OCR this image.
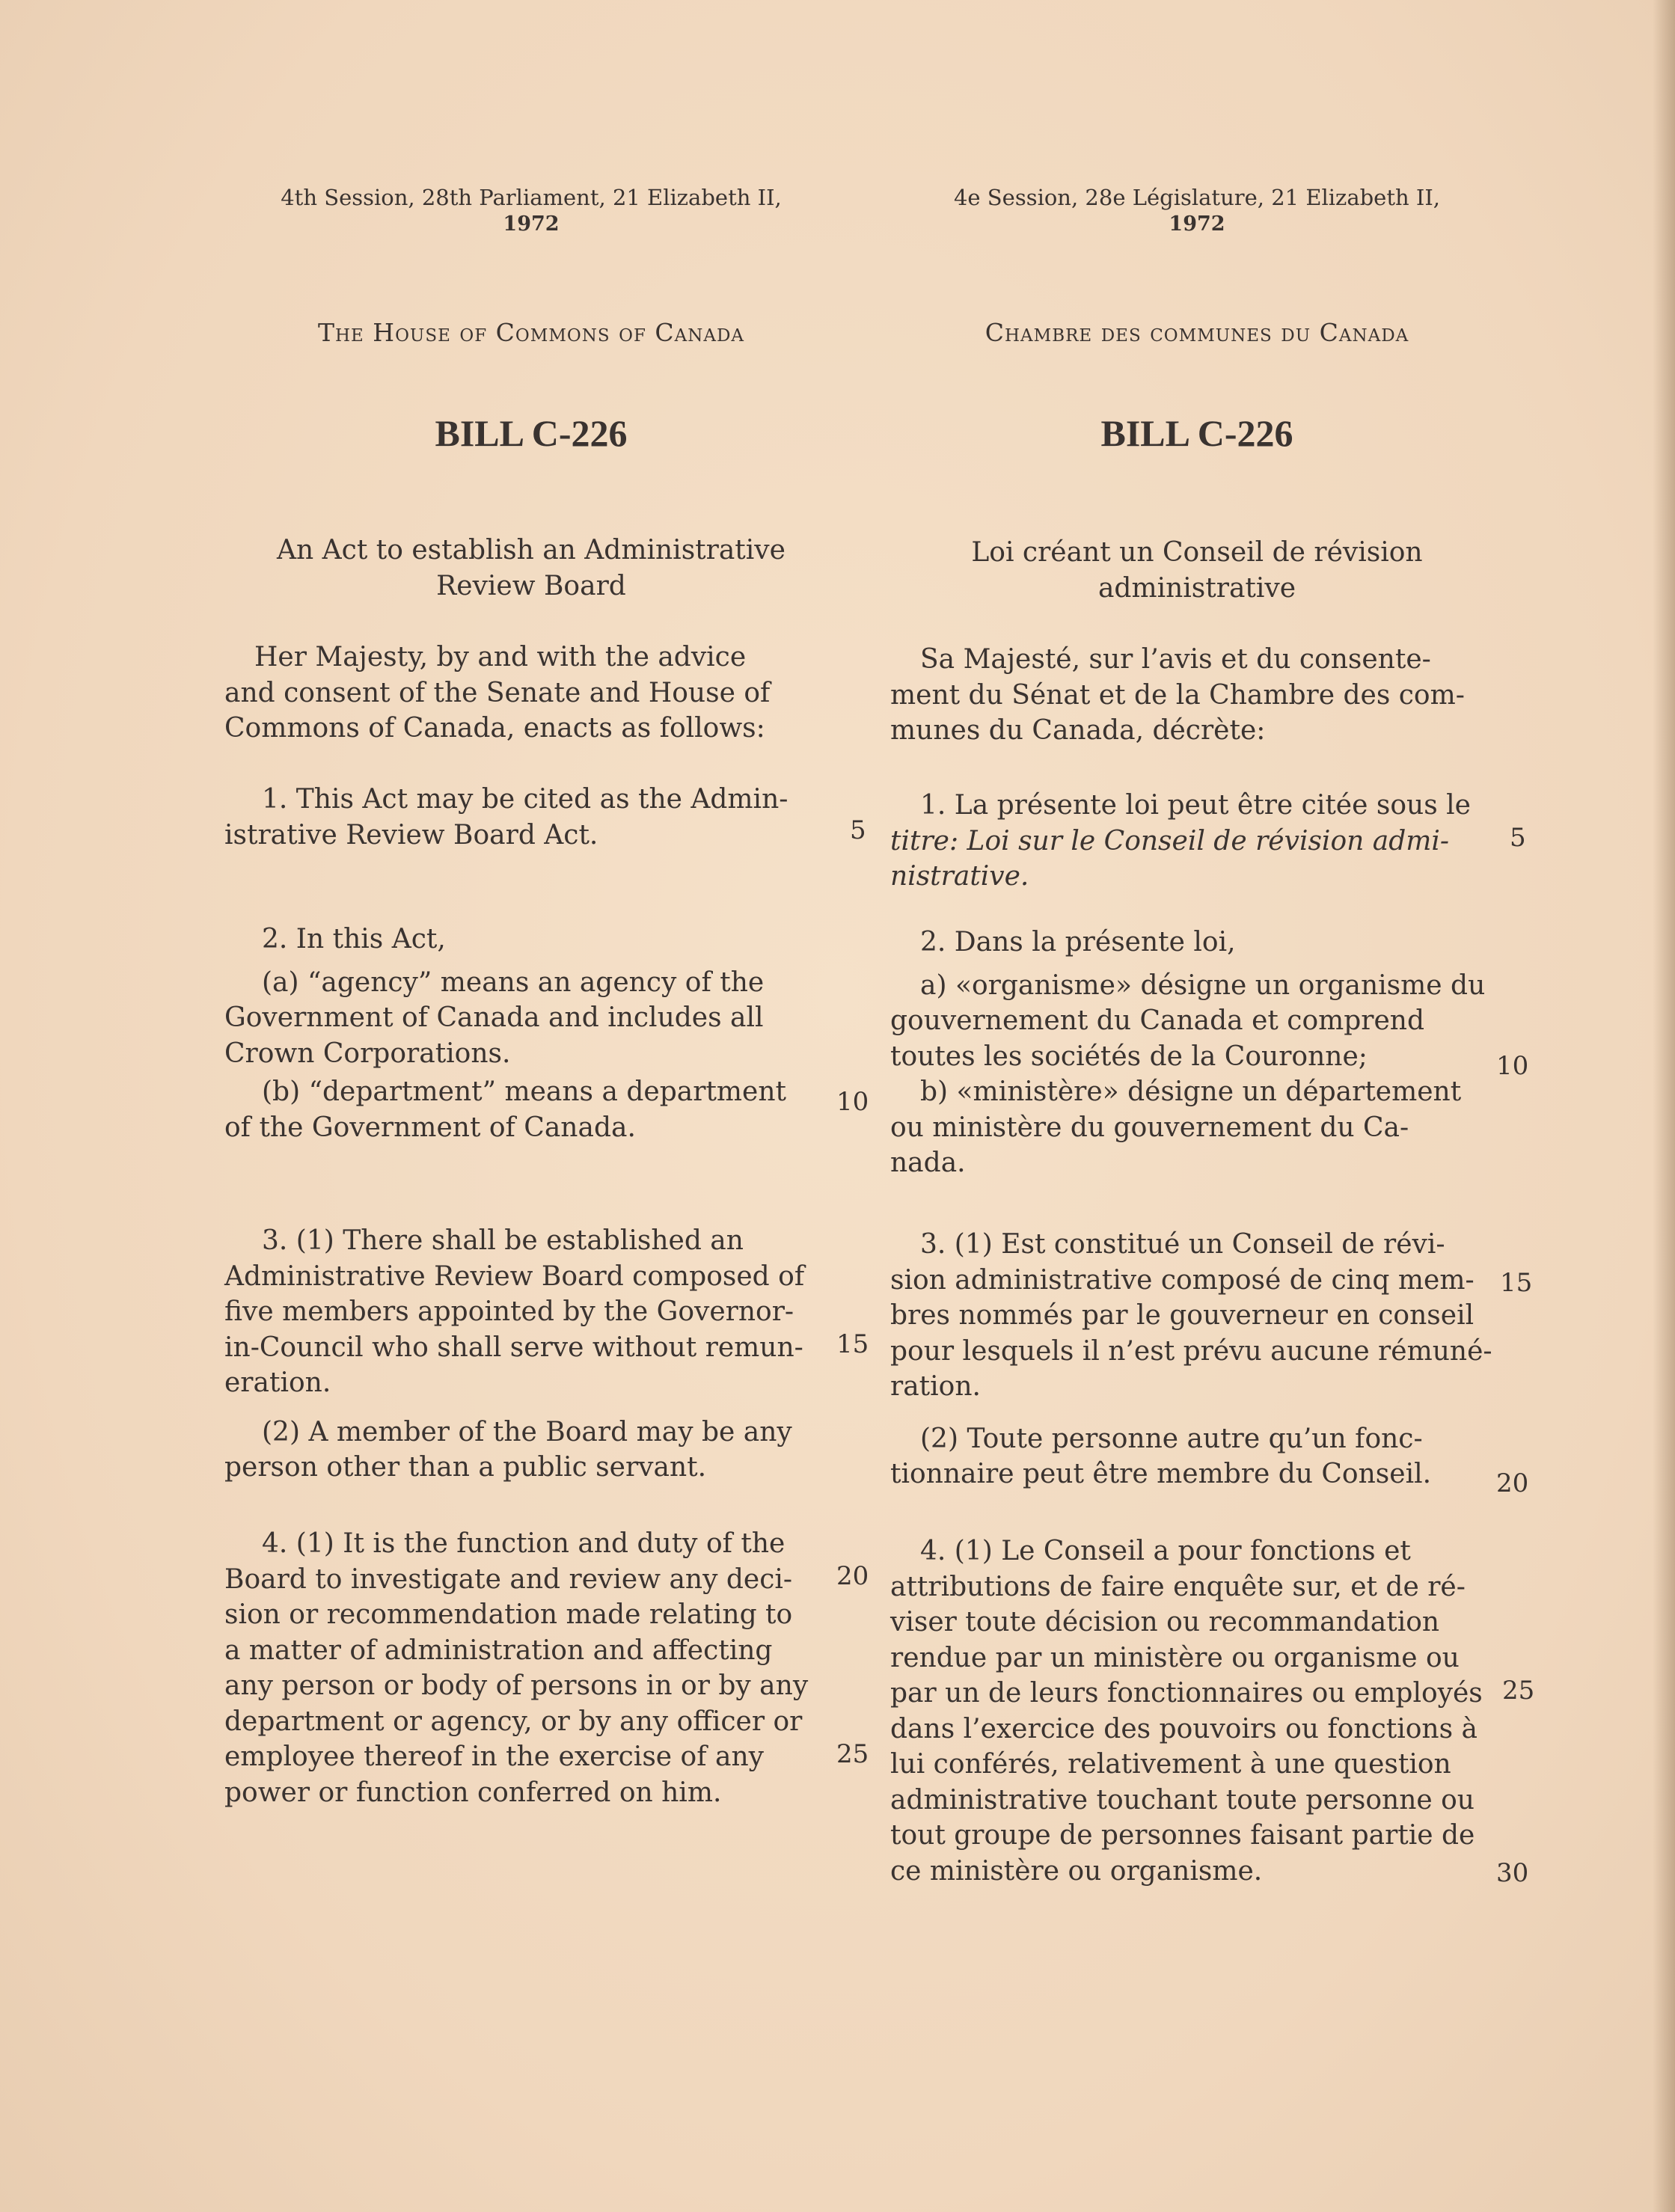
4th Session, 28th Parliament, 21 Elizabeth II,
1972
The House of Commons of Canada
BILL C-226
An Act to establish an Administrative
Review Board

Her Majesty, by and with the advice

and consent of the Senate and House of

Commons of Canada, enacts as follows:

1. This Act may be cited as the Admin-

istrative Review Board Act.

2. In this Act,

(a) “agency” means an agency of the

Government of Canada and includes all

Crown Corporations.

(b) “department” means a department

of the Government of Canada.

3. (1) There shall be established an

Administrative Review Board composed of

five members appointed by the Governor-

in-Council who shall serve without remun-

eration.

(2) A member of the Board may be any

person other than a public servant.

4. (1) It is the function and duty of the

Board to investigate and review any deci-

sion or recommendation made relating to

a matter of administration and affecting

any person or body of persons in or by any

department or agency, or by any officer or

employee thereof in the exercise of any

power or function conferred on him.

5
10
15
20
25
4e Session, 28e Législature, 21 Elizabeth II,
1972
Chambre des communes du Canada
BILL C-226
Loi créant un Conseil de révision
administrative

Sa Majesté, sur l’avis et du consente-

ment du Sénat et de la Chambre des com-

munes du Canada, décrète:

1. La présente loi peut être citée sous le

titre: Loi sur le Conseil de révision admi-

nistrative.

2. Dans la présente loi,

a) «organisme» désigne un organisme du

gouvernement du Canada et comprend

toutes les sociétés de la Couronne;

b) «ministère» désigne un département

ou ministère du gouvernement du Ca-

nada.

3. (1) Est constitué un Conseil de révi-

sion administrative composé de cinq mem-

bres nommés par le gouverneur en conseil

pour lesquels il n’est prévu aucune rémuné-

ration.

(2) Toute personne autre qu’un fonc-

tionnaire peut être membre du Conseil.

4. (1) Le Conseil a pour fonctions et

attributions de faire enquête sur, et de ré-

viser toute décision ou recommandation

rendue par un ministère ou organisme ou

par un de leurs fonctionnaires ou employés

dans l’exercice des pouvoirs ou fonctions à

lui conférés, relativement à une question

administrative touchant toute personne ou

tout groupe de personnes faisant partie de

ce ministère ou organisme.

5
10
15
20
25
30
